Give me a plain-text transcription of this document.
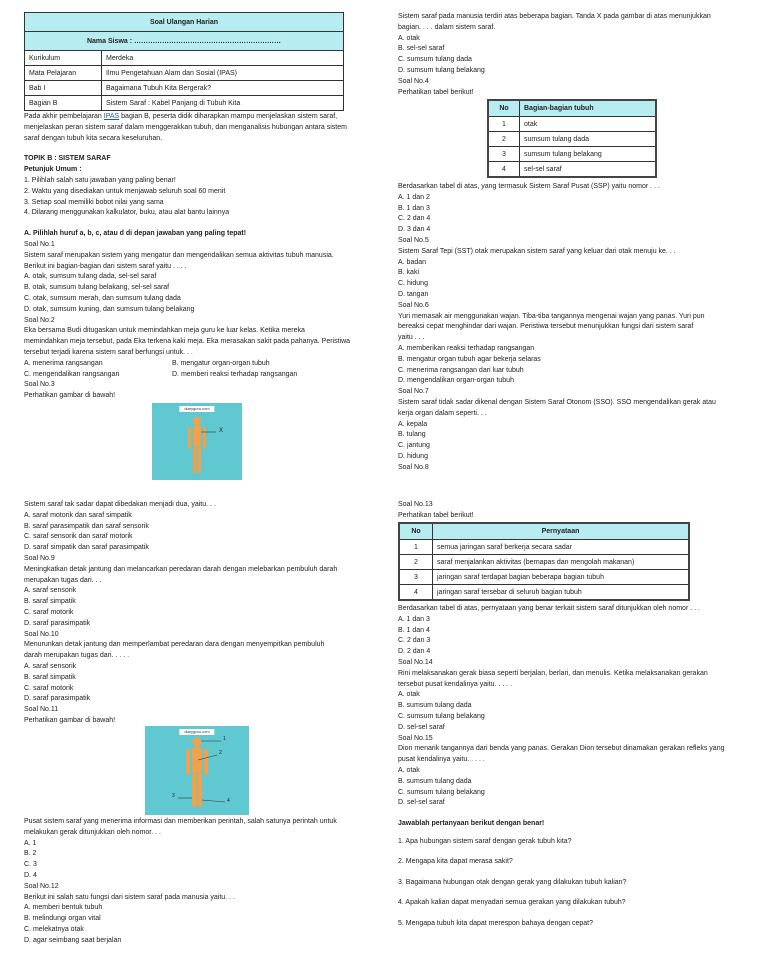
Soal Ulangan Harian	
Nama Siswa : ………………………………………………………	
Kurikulum	Merdeka
Mata Pelajaran	Ilmu Pengetahuan Alam dan Sosial (IPAS)
Bab I	Bagaimana Tubuh Kita Bergerak?
Bagian B	Sistem Saraf : Kabel Panjang di Tubuh Kita
Pada akhir pembelajaran IPAS bagian B, peserta didik diharapkan mampu menjelaskan sistem saraf,
menjelaskan peran sistem saraf dalam menggerakkan tubuh, dan menganalisis hubungan antara sistem
saraf dengan tubuh kita secara keseluruhan.
TOPIK B : SISTEM SARAF
Petunjuk Umum :
1. Pilihlah salah satu jawaban yang paling benar!
2. Waktu yang disediakan untuk menjawab seluruh soal 60 menit
3. Setiap soal memiliki bobot nilai yang sama
4. Dilarang menggunakan kalkulator, buku, atau alat bantu lainnya
A. Pilihlah huruf a, b, c, atau d di depan jawaban yang paling tepat!
Soal No.1
Sistem saraf merupakan sistem yang mengatur dan mengendalikan semua aktivitas tubuh manusia.
Berikut ini bagian-bagian dari sistem saraf yaitu . . . .
A. otak, sumsum tulang dada, sel-sel saraf
B. otak, sumsum tulang belakang, sel-sel saraf
C. otak, sumsum merah, dan sumsum tulang dada
D. otak, sumsum kuning, dan sumsum tulang belakang
Soal No.2
Eka bersama Budi ditugaskan untuk memindahkan meja guru ke luar kelas. Ketika mereka
memindahkan meja tersebut, pada Eka terkena kaki meja. Eka merasakan sakit pada pahanya. Peristiwa
tersebut terjadi karena sistem saraf berfungsi untuk. . .
A. menerima rangsangan	B. mengatur organ-organ tubuh
C. mengendalikan rangsangan	D. memberi reaksi terhadap rangsangan
Soal No.3
Perhatikan gambar di bawah!
diaryguru.com
X
Sistem saraf pada manusia terdiri atas beberapa bagian. Tanda X pada gambar di atas menunjukkan
bagian. . . . dalam sistem saraf.
A. otak
B. sel-sel saraf
C. sumsum tulang dada
D. sumsum tulang belakang
Soal No.4
Perhatikan tabel berikut!
No	Bagian-bagian tubuh
1	otak
2	sumsum tulang dada
3	sumsum tulang belakang
4	sel-sel saraf
Berdasarkan tabel di atas, yang termasuk Sistem Saraf Pusat (SSP) yaitu nomor . . .
A. 1 dan 2
B. 1 dan 3
C. 2 dan 4
D. 3 dan 4
Soal No.5
Sistem Saraf Tepi (SST) otak merupakan sistem saraf yang keluar dari otak menuju ke. . .
A. badan
B. kaki
C. hidung
D. tangan
Soal No.6
Yuri memasak air menggunakan wajan. Tiba-tiba tangannya mengenai wajan yang panas. Yuri pun
bereaksi cepat menghindar dari wajan. Peristiwa tersebut menunjukkan fungsi dari sistem saraf
yaitu . . .
A. memberikan reaksi terhadap rangsangan
B. mengatur organ tubuh agar bekerja selaras
C. menerima rangsangan dari luar tubuh
D. mengendalikan organ-organ tubuh
Soal No.7
Sistem saraf tidak sadar dikenal dengan Sistem Saraf Otonom (SSO). SSO mengendalikan gerak atau
kerja organ dalam seperti. . .
A. kepala
B. tulang
C. jantung
D. hidung
Soal No.8
Sistem saraf tak sadar dapat dibedakan menjadi dua, yaitu. . .
A. saraf motorik dan saraf simpatik
B. saraf parasimpatik dan saraf sensorik
C. saraf sensorik dan saraf motorik
D. saraf simpatik dan saraf parasimpatik
Soal No.9
Meningkatkan detak jantung dan melancarkan peredaran darah dengan melebarkan pembuluh darah
merupakan tugas dari. . .
A. saraf sensorik
B. saraf simpatik
C. saraf motorik
D. saraf parasimpatik
Soal No.10
Menurunkan detak jantung dan memperlambat peredaran dara dengan menyempitkan pembuluh
darah merupakan tugas dari. . . . .
A. saraf sensorik
B. saraf simpatik
C. saraf motorik
D. saraf parasimpatik
Soal No.11
Perhatikan gambar di bawah!
diaryguru.com
1
2
3
4
Pusat sistem saraf yang menerima informasi dan memberikan perintah, salah satunya perintah untuk
melakukan gerak ditunjukkan oleh nomor. . .
A. 1
B. 2
C. 3
D. 4
Soal No.12
Berikut ini salah satu fungsi dari sistem saraf pada manusia yaitu. . .
A. memberi bentuk tubuh
B. melindungi organ vital
C. melekatnya otak
D. agar seimbang saat berjalan
Soal No.13
Perhatikan tabel berikut!
No	Pernyataan
1	semua jaringan saraf berkerja secara sadar
2	saraf menjalankan aktivitas (bernapas dan mengolah makanan)
3	jaringan saraf terdapat bagian beberapa bagian tubuh
4	jaringan saraf tersebar di seluruh bagian tubuh
Berdasarkan tabel di atas, pernyataan yang benar terkait sistem saraf ditunjukkan oleh nomor . . .
A. 1 dan 3
B. 1 dan 4
C. 2 dan 3
D. 2 dan 4
Soal No.14
Rini melaksanakan gerak biasa seperti berjalan, berlari, dan menulis. Ketika melaksanakan gerakan
tersebut pusat kendalinya yaitu. . . . .
A. otak
B. sumsum tulang dada
C. sumsum tulang belakang
D. sel-sel saraf
Soal No.15
Dion menarik tangannya dari benda yang panas. Gerakan Dion tersebut dinamakan gerakan refleks yang
pusat kendalinya yaitu. . . . .
A. otak
B. sumsum tulang dada
C. sumsum tulang belakang
D. sel-sel saraf
Jawablah pertanyaan berikut dengan benar!
1. Apa hubungan sistem saraf dengan gerak tubuh kita?
2. Mengapa kita dapat merasa sakit?
3. Bagaimana hubungan otak dengan gerak yang dilakukan tubuh kalian?
4. Apakah kalian dapat menyadari semua gerakan yang dilakukan tubuh?
5. Mengapa tubuh kita dapat merespon bahaya dengan cepat?
